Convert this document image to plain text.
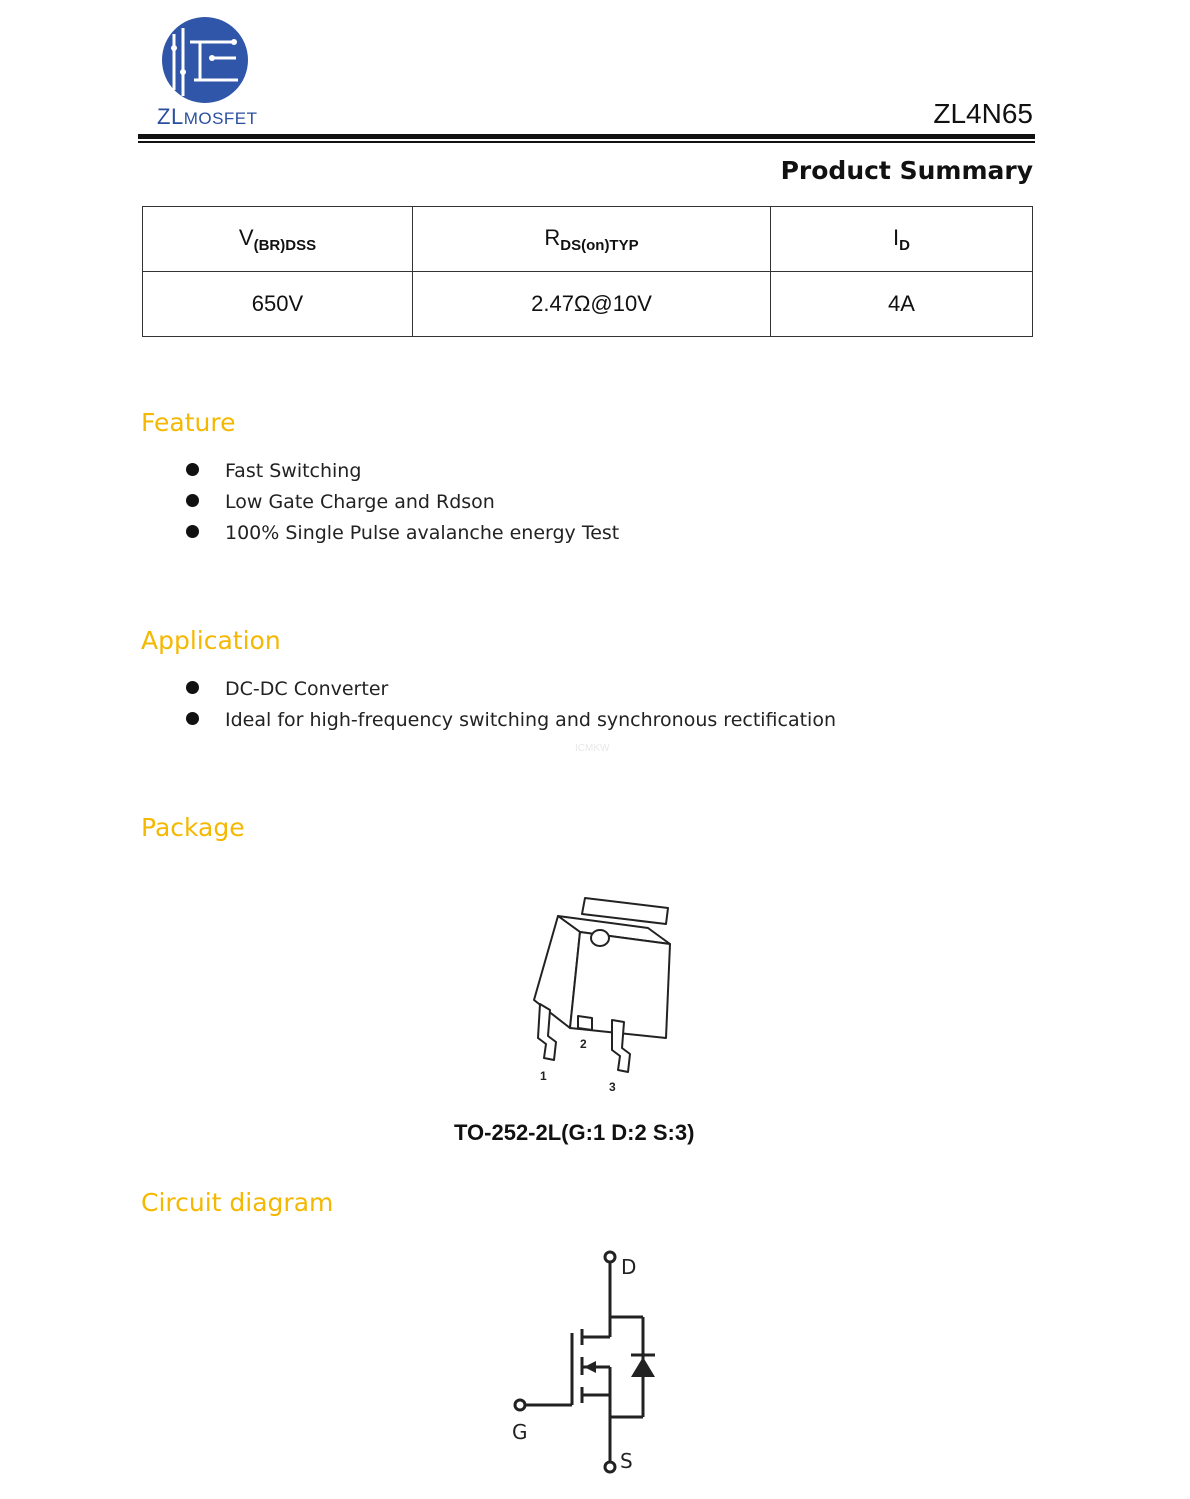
ZLMOSFET	ZL4N65
Product Summary
$V_{(BR)DSS}$	$R_{DS(on)TYP}$	$I_D$
650V	2.47Ω@10V	4A
Feature
Fast Switching
Low Gate Charge and Rdson
100% Single Pulse avalanche energy Test
Application
DC-DC Converter
Ideal for high-frequency switching and synchronous rectification
ICMKW
Package
1
2
3
TO-252-2L(G:1 D:2 S:3)
Circuit diagram
D
G
S
